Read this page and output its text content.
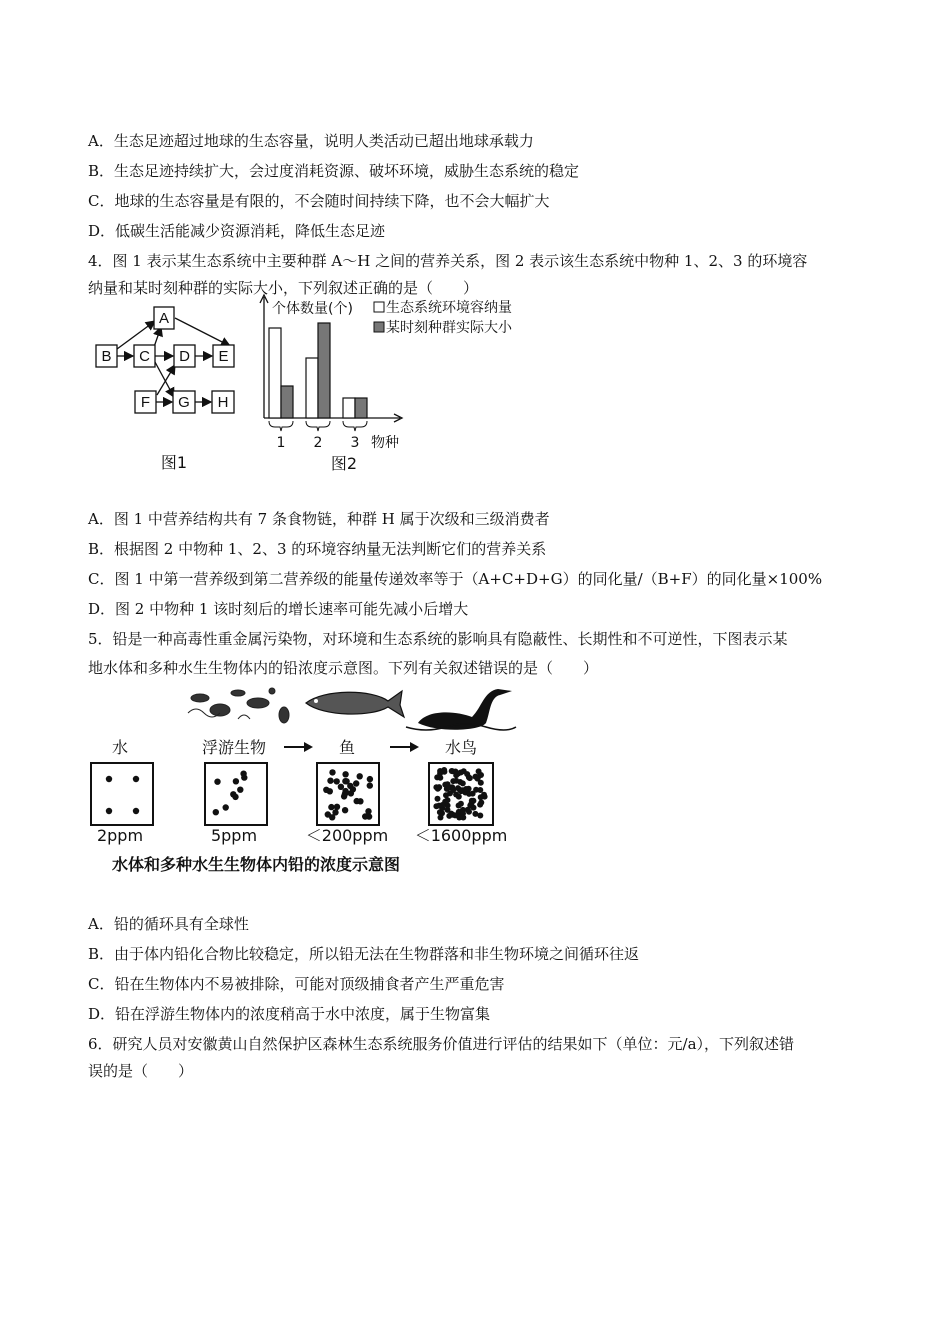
A．生态足迹超过地球的生态容量，说明人类活动已超出地球承载力
B．生态足迹持续扩大，会过度消耗资源、破坏环境，威胁生态系统的稳定
C．地球的生态容量是有限的，不会随时间持续下降，也不会大幅扩大
D．低碳生活能减少资源消耗，降低生态足迹
4．图 1 表示某生态系统中主要种群 A～H 之间的营养关系，图 2 表示该生态系统中物种 1、2、3 的环境容
纳量和某时刻种群的实际大小，下列叙述正确的是（　　）
A
B C D E
F G H
图1
个体数量(个) 生态系统环境容纳量
某时刻种群实际大小
1 2 3 物种
图2
A．图 1 中营养结构共有 7 条食物链，种群 H 属于次级和三级消费者
B．根据图 2 中物种 1、2、3 的环境容纳量无法判断它们的营养关系
C．图 1 中第一营养级到第二营养级的能量传递效率等于（A+C+D+G）的同化量/（B+F）的同化量×100%
D．图 2 中物种 1 该时刻后的增长速率可能先减小后增大
5．铅是一种高毒性重金属污染物，对环境和生态系统的影响具有隐蔽性、长期性和不可逆性，下图表示某
地水体和多种水生生物体内的铅浓度示意图。下列有关叙述错误的是（　　）
水	浮游生物	鱼	水鸟
2ppm	5ppm	＜200ppm ＜1600ppm
水体和多种水生生物体内铅的浓度示意图
A．铅的循环具有全球性
B．由于体内铅化合物比较稳定，所以铅无法在生物群落和非生物环境之间循环往返
C．铅在生物体内不易被排除，可能对顶级捕食者产生严重危害
D．铅在浮游生物体内的浓度稍高于水中浓度，属于生物富集
6．研究人员对安徽黄山自然保护区森林生态系统服务价值进行评估的结果如下（单位：元/a），下列叙述错
误的是（　　）
